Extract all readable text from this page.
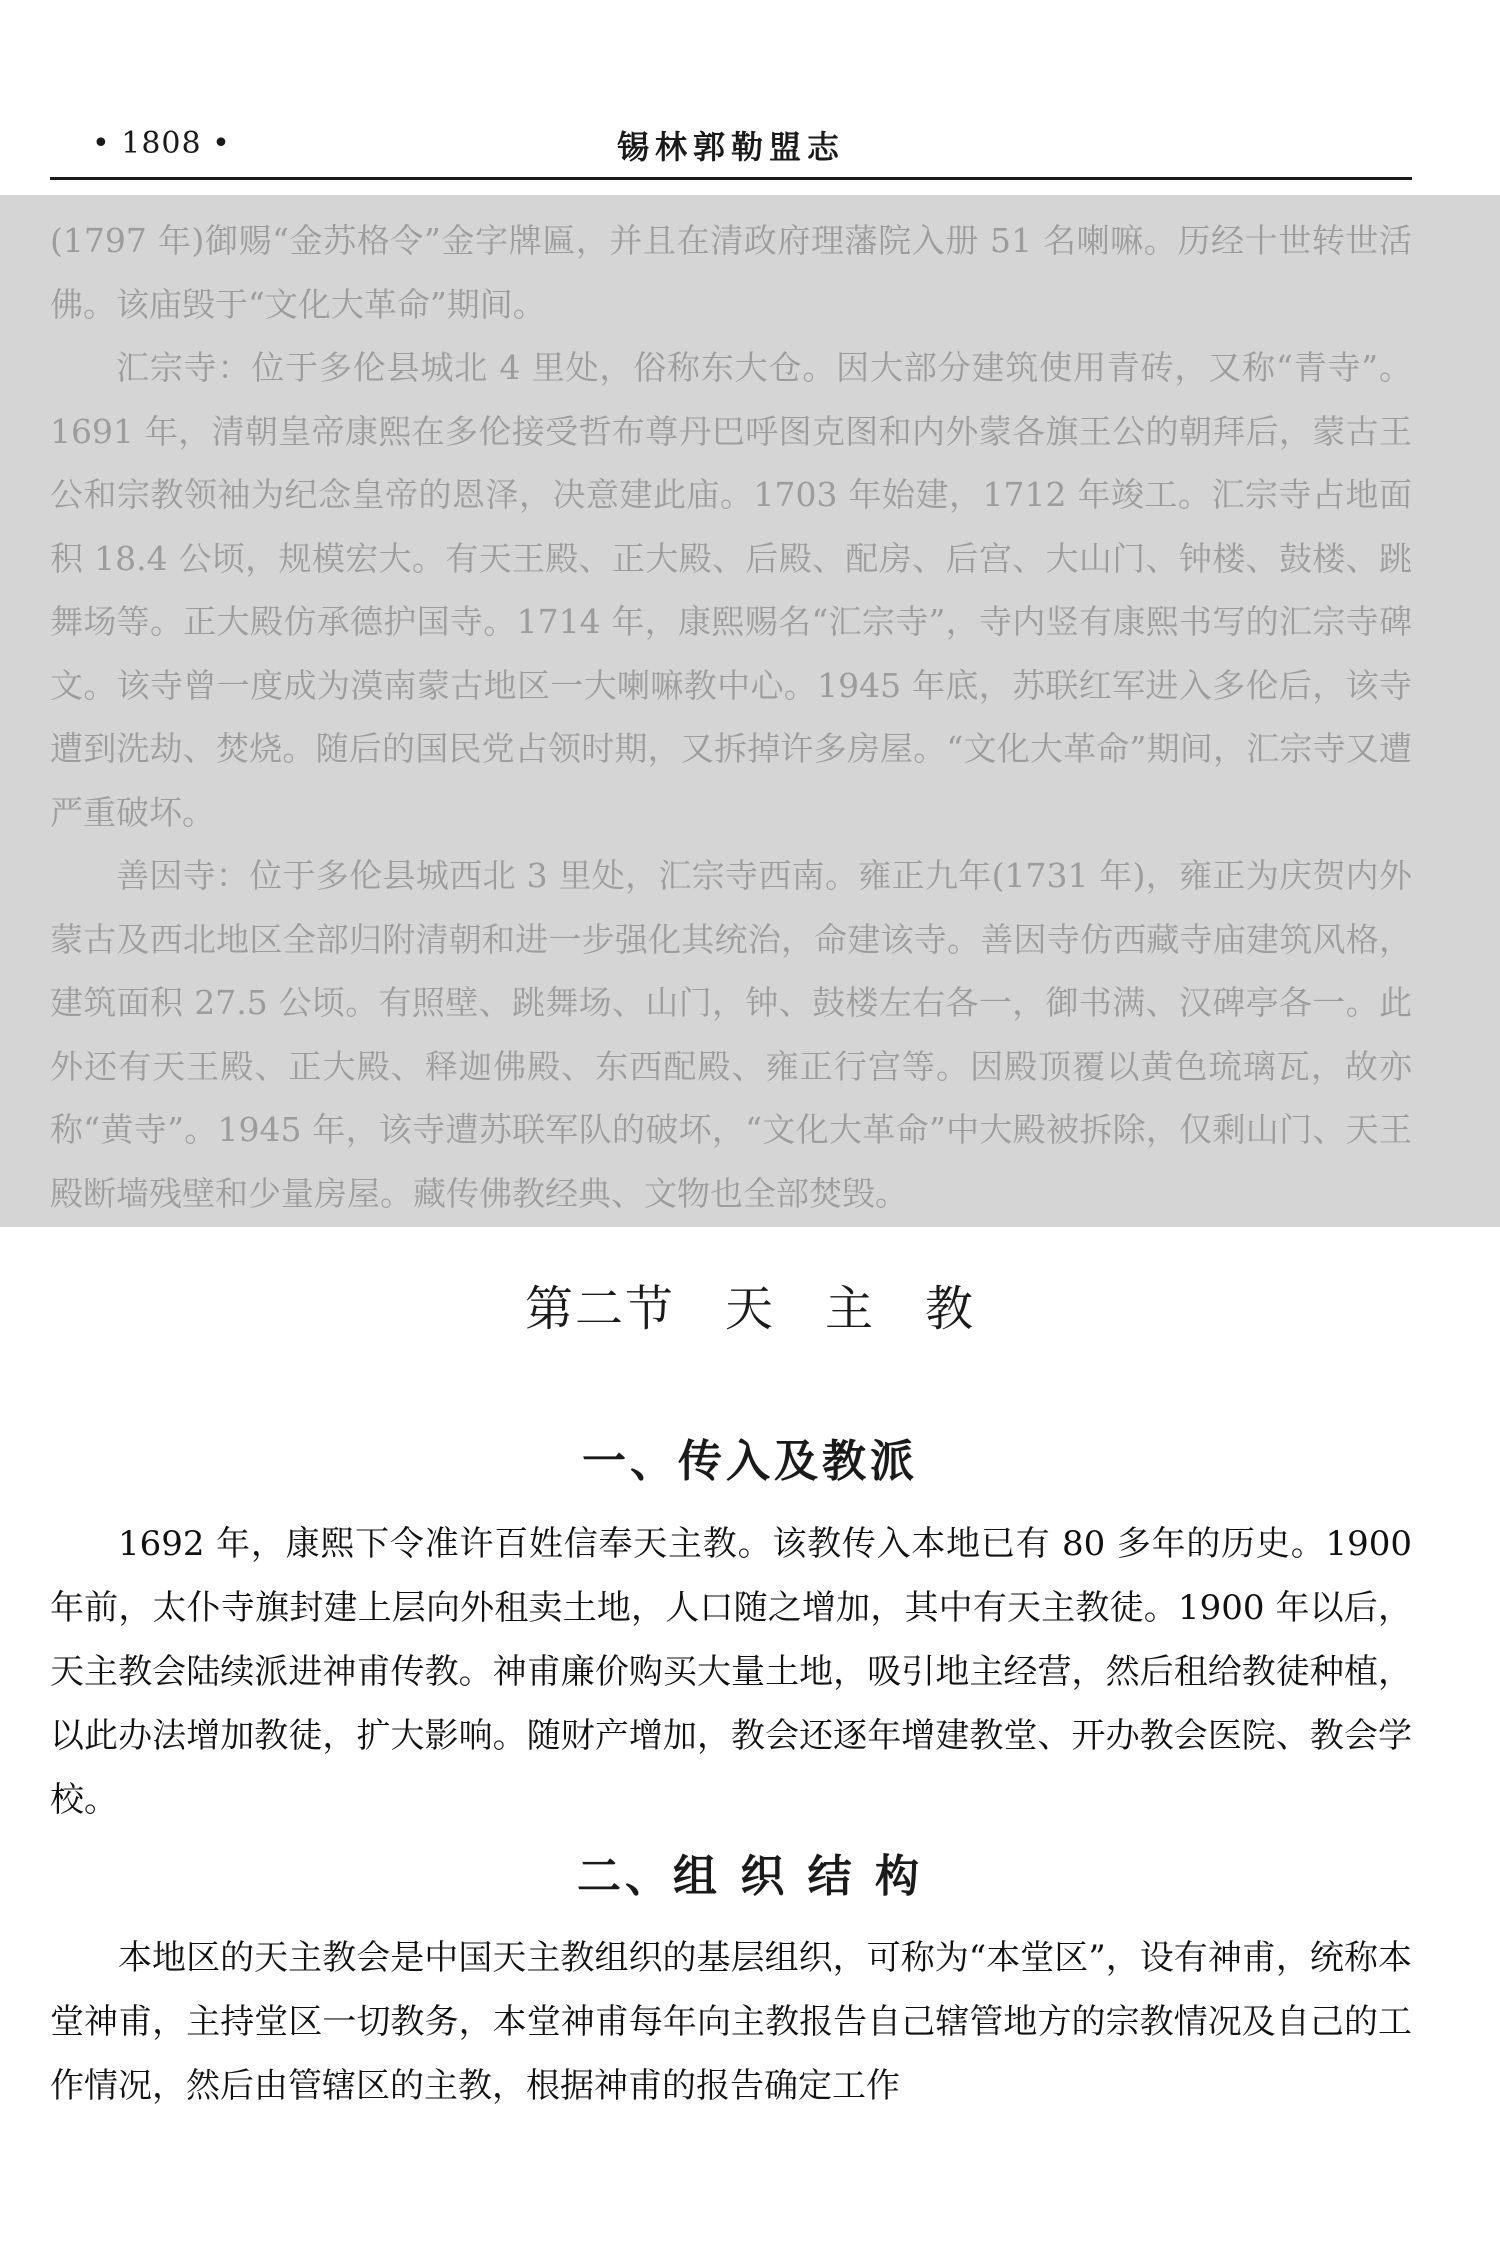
• 1808 •	锡林郭勒盟志

(1797 年)御赐“金苏格令”金字牌匾，并且在清政府理藩院入册 51 名喇嘛。历经十世转世活佛。该庙毁于“文化大革命”期间。

汇宗寺：位于多伦县城北 4 里处，俗称东大仓。因大部分建筑使用青砖，又称“青寺”。1691 年，清朝皇帝康熙在多伦接受哲布尊丹巴呼图克图和内外蒙各旗王公的朝拜后，蒙古王公和宗教领袖为纪念皇帝的恩泽，决意建此庙。1703 年始建，1712 年竣工。汇宗寺占地面积 18.4 公顷，规模宏大。有天王殿、正大殿、后殿、配房、后宫、大山门、钟楼、鼓楼、跳舞场等。正大殿仿承德护国寺。1714 年，康熙赐名“汇宗寺”，寺内竖有康熙书写的汇宗寺碑文。该寺曾一度成为漠南蒙古地区一大喇嘛教中心。1945 年底，苏联红军进入多伦后，该寺遭到洗劫、焚烧。随后的国民党占领时期，又拆掉许多房屋。“文化大革命”期间，汇宗寺又遭严重破坏。

善因寺：位于多伦县城西北 3 里处，汇宗寺西南。雍正九年(1731 年)，雍正为庆贺内外蒙古及西北地区全部归附清朝和进一步强化其统治，命建该寺。善因寺仿西藏寺庙建筑风格，建筑面积 27.5 公顷。有照壁、跳舞场、山门，钟、鼓楼左右各一，御书满、汉碑亭各一。此外还有天王殿、正大殿、释迦佛殿、东西配殿、雍正行宫等。因殿顶覆以黄色琉璃瓦，故亦称“黄寺”。1945 年，该寺遭苏联军队的破坏，“文化大革命”中大殿被拆除，仅剩山门、天王殿断墙残壁和少量房屋。藏传佛教经典、文物也全部焚毁。

第二节　天　主　教
一、传入及教派

1692 年，康熙下令准许百姓信奉天主教。该教传入本地已有 80 多年的历史。1900 年前，太仆寺旗封建上层向外租卖土地，人口随之增加，其中有天主教徒。1900 年以后，天主教会陆续派进神甫传教。神甫廉价购买大量土地，吸引地主经营，然后租给教徒种植，以此办法增加教徒，扩大影响。随财产增加，教会还逐年增建教堂、开办教会医院、教会学校。

二、组 织 结 构

本地区的天主教会是中国天主教组织的基层组织，可称为“本堂区”，设有神甫，统称本堂神甫，主持堂区一切教务，本堂神甫每年向主教报告自己辖管地方的宗教情况及自己的工作情况，然后由管辖区的主教，根据神甫的报告确定工作
